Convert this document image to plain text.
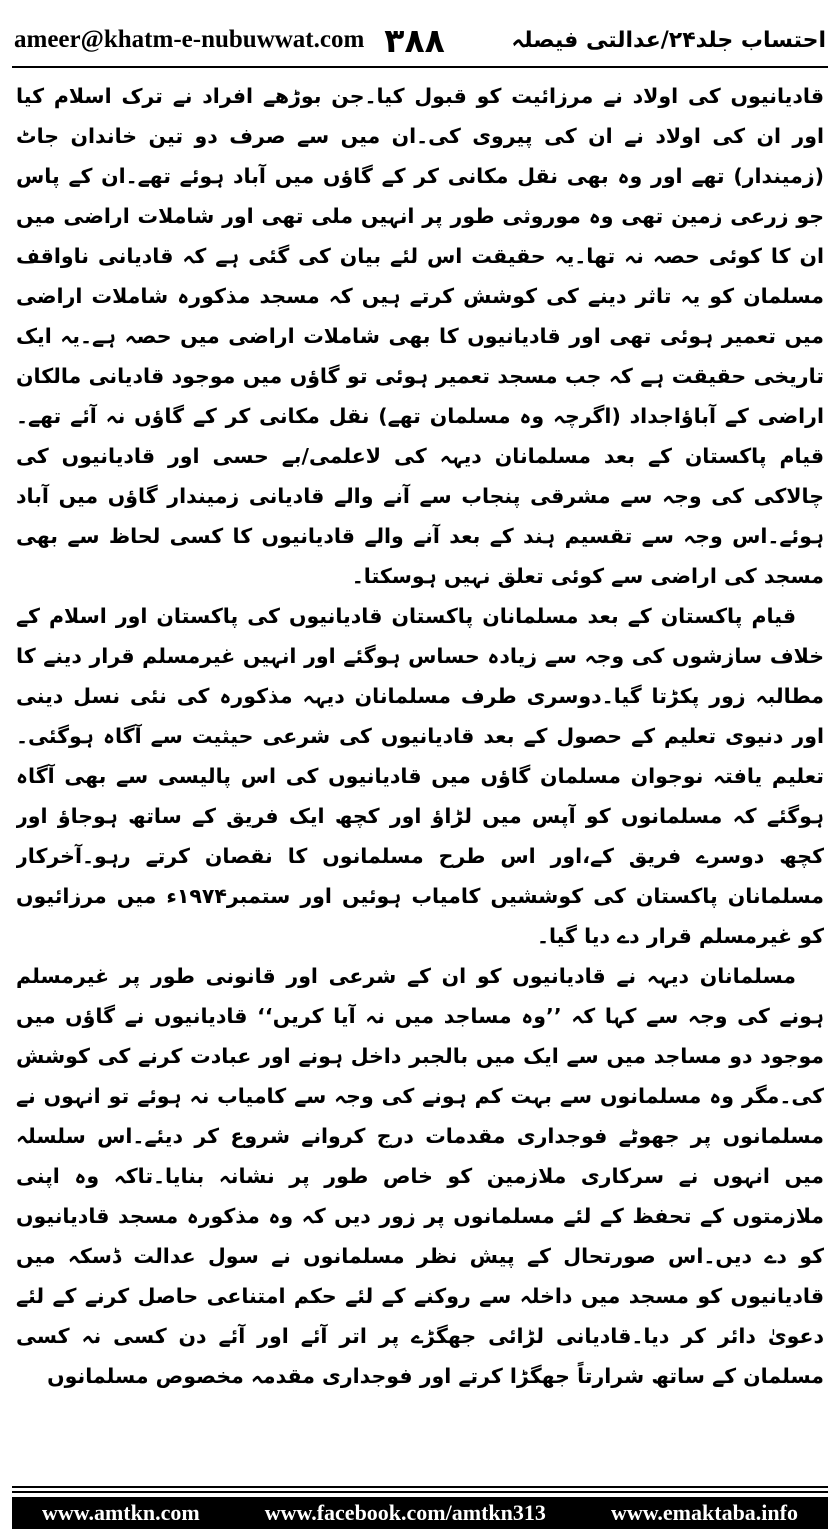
ameer@khatm-e-nubuwwat.com ۳۸۸	احتساب جلد۲۴/عدالتی فیصلہ

قادیانیوں کی اولاد نے مرزائیت کو قبول کیا۔جن بوڑھے افراد نے ترک اسلام کیا اور ان کی اولاد نے ان کی پیروی کی۔ان میں سے صرف دو تین خاندان جاٹ (زمیندار) تھے اور وہ بھی نقل مکانی کر کے گاؤں میں آباد ہوئے تھے۔ان کے پاس جو زرعی زمین تھی وہ موروثی طور پر انہیں ملی تھی اور شاملات اراضی میں ان کا کوئی حصہ نہ تھا۔یہ حقیقت اس لئے بیان کی گئی ہے کہ قادیانی ناواقف مسلمان کو یہ تاثر دینے کی کوشش کرتے ہیں کہ مسجد مذکورہ شاملات اراضی میں تعمیر ہوئی تھی اور قادیانیوں کا بھی شاملات اراضی میں حصہ ہے۔یہ ایک تاریخی حقیقت ہے کہ جب مسجد تعمیر ہوئی تو گاؤں میں موجود قادیانی مالکان اراضی کے آباؤاجداد (اگرچہ وہ مسلمان تھے) نقل مکانی کر کے گاؤں نہ آئے تھے۔قیام پاکستان کے بعد مسلمانان دیہہ کی لاعلمی/بے حسی اور قادیانیوں کی چالاکی کی وجہ سے مشرقی پنجاب سے آنے والے قادیانی زمیندار گاؤں میں آباد ہوئے۔اس وجہ سے تقسیم ہند کے بعد آنے والے قادیانیوں کا کسی لحاظ سے بھی مسجد کی اراضی سے کوئی تعلق نہیں ہوسکتا۔

قیام پاکستان کے بعد مسلمانان پاکستان قادیانیوں کی پاکستان اور اسلام کے خلاف سازشوں کی وجہ سے زیادہ حساس ہوگئے اور انہیں غیرمسلم قرار دینے کا مطالبہ زور پکڑتا گیا۔دوسری طرف مسلمانان دیہہ مذکورہ کی نئی نسل دینی اور دنیوی تعلیم کے حصول کے بعد قادیانیوں کی شرعی حیثیت سے آگاہ ہوگئی۔تعلیم یافتہ نوجوان مسلمان گاؤں میں قادیانیوں کی اس پالیسی سے بھی آگاہ ہوگئے کہ مسلمانوں کو آپس میں لڑاؤ اور کچھ ایک فریق کے ساتھ ہوجاؤ اور کچھ دوسرے فریق کے،اور اس طرح مسلمانوں کا نقصان کرتے رہو۔آخرکار مسلمانان پاکستان کی کوششیں کامیاب ہوئیں اور ستمبر۱۹۷۴ء میں مرزائیوں کو غیرمسلم قرار دے دیا گیا۔

مسلمانان دیہہ نے قادیانیوں کو ان کے شرعی اور قانونی طور پر غیرمسلم ہونے کی وجہ سے کہا کہ ’’وہ مساجد میں نہ آیا کریں‘‘ قادیانیوں نے گاؤں میں موجود دو مساجد میں سے ایک میں بالجبر داخل ہونے اور عبادت کرنے کی کوشش کی۔مگر وہ مسلمانوں سے بہت کم ہونے کی وجہ سے کامیاب نہ ہوئے تو انہوں نے مسلمانوں پر جھوٹے فوجداری مقدمات درج کروانے شروع کر دیئے۔اس سلسلہ میں انہوں نے سرکاری ملازمین کو خاص طور پر نشانہ بنایا۔تاکہ وہ اپنی ملازمتوں کے تحفظ کے لئے مسلمانوں پر زور دیں کہ وہ مذکورہ مسجد قادیانیوں کو دے دیں۔اس صورتحال کے پیش نظر مسلمانوں نے سول عدالت ڈسکہ میں قادیانیوں کو مسجد میں داخلہ سے روکنے کے لئے حکم امتناعی حاصل کرنے کے لئے دعویٰ دائر کر دیا۔قادیانی لڑائی جھگڑے پر اتر آئے اور آئے دن کسی نہ کسی مسلمان کے ساتھ شرارتاً جھگڑا کرتے اور فوجداری مقدمہ مخصوص مسلمانوں

www.amtkn.com	www.facebook.com/amtkn313	www.emaktaba.info
